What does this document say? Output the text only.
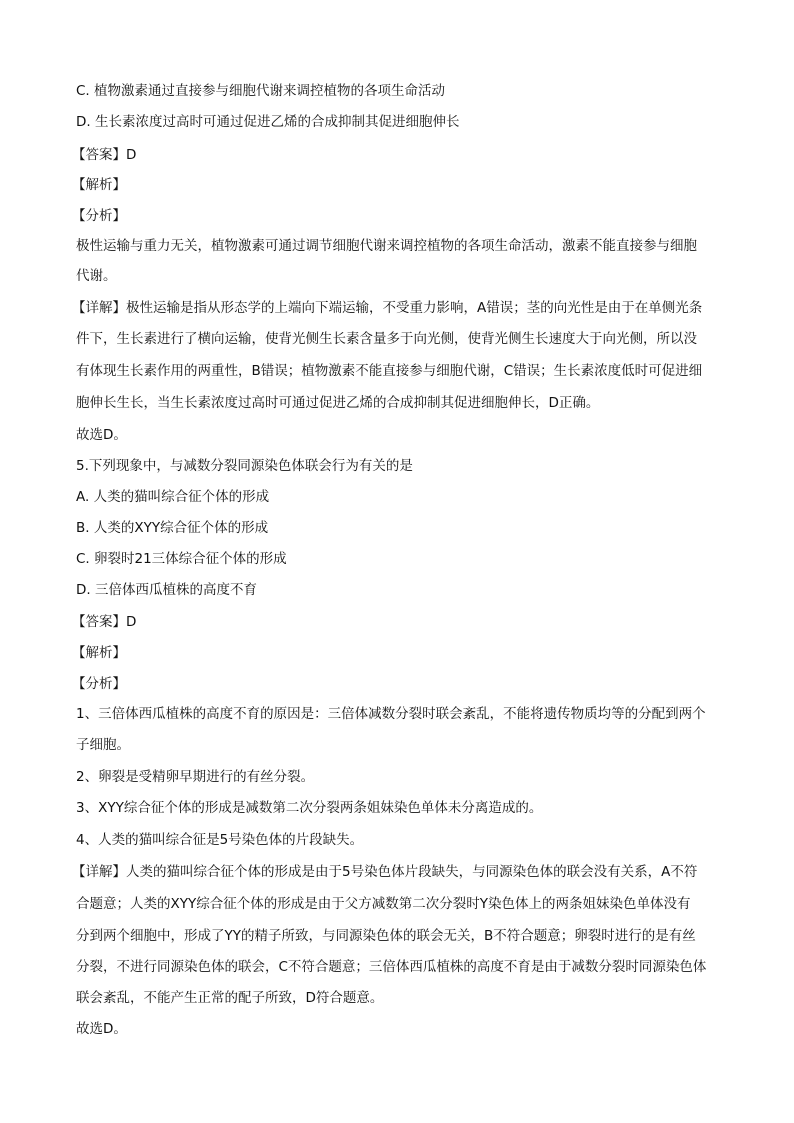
C. 植物激素通过直接参与细胞代谢来调控植物的各项生命活动
D. 生长素浓度过高时可通过促进乙烯的合成抑制其促进细胞伸长
【答案】D
【解析】
【分析】
极性运输与重力无关，植物激素可通过调节细胞代谢来调控植物的各项生命活动，激素不能直接参与细胞
代谢。
【详解】极性运输是指从形态学的上端向下端运输，不受重力影响，A错误；茎的向光性是由于在单侧光条
件下，生长素进行了横向运输，使背光侧生长素含量多于向光侧，使背光侧生长速度大于向光侧，所以没
有体现生长素作用的两重性，B错误；植物激素不能直接参与细胞代谢，C错误；生长素浓度低时可促进细
胞伸长生长，当生长素浓度过高时可通过促进乙烯的合成抑制其促进细胞伸长，D正确。
故选D。
5.下列现象中，与减数分裂同源染色体联会行为有关的是
A. 人类的猫叫综合征个体的形成
B. 人类的XYY综合征个体的形成
C. 卵裂时21三体综合征个体的形成
D. 三倍体西瓜植株的高度不育
【答案】D
【解析】
【分析】
1、三倍体西瓜植株的高度不育的原因是：三倍体减数分裂时联会紊乱，不能将遗传物质均等的分配到两个
子细胞。
2、卵裂是受精卵早期进行的有丝分裂。
3、XYY综合征个体的形成是减数第二次分裂两条姐妹染色单体未分离造成的。
4、人类的猫叫综合征是5号染色体的片段缺失。
【详解】人类的猫叫综合征个体的形成是由于5号染色体片段缺失，与同源染色体的联会没有关系，A不符
合题意；人类的XYY综合征个体的形成是由于父方减数第二次分裂时Y染色体上的两条姐妹染色单体没有
分到两个细胞中，形成了YY的精子所致，与同源染色体的联会无关，B不符合题意；卵裂时进行的是有丝
分裂，不进行同源染色体的联会，C不符合题意；三倍体西瓜植株的高度不育是由于减数分裂时同源染色体
联会紊乱，不能产生正常的配子所致，D符合题意。
故选D。
